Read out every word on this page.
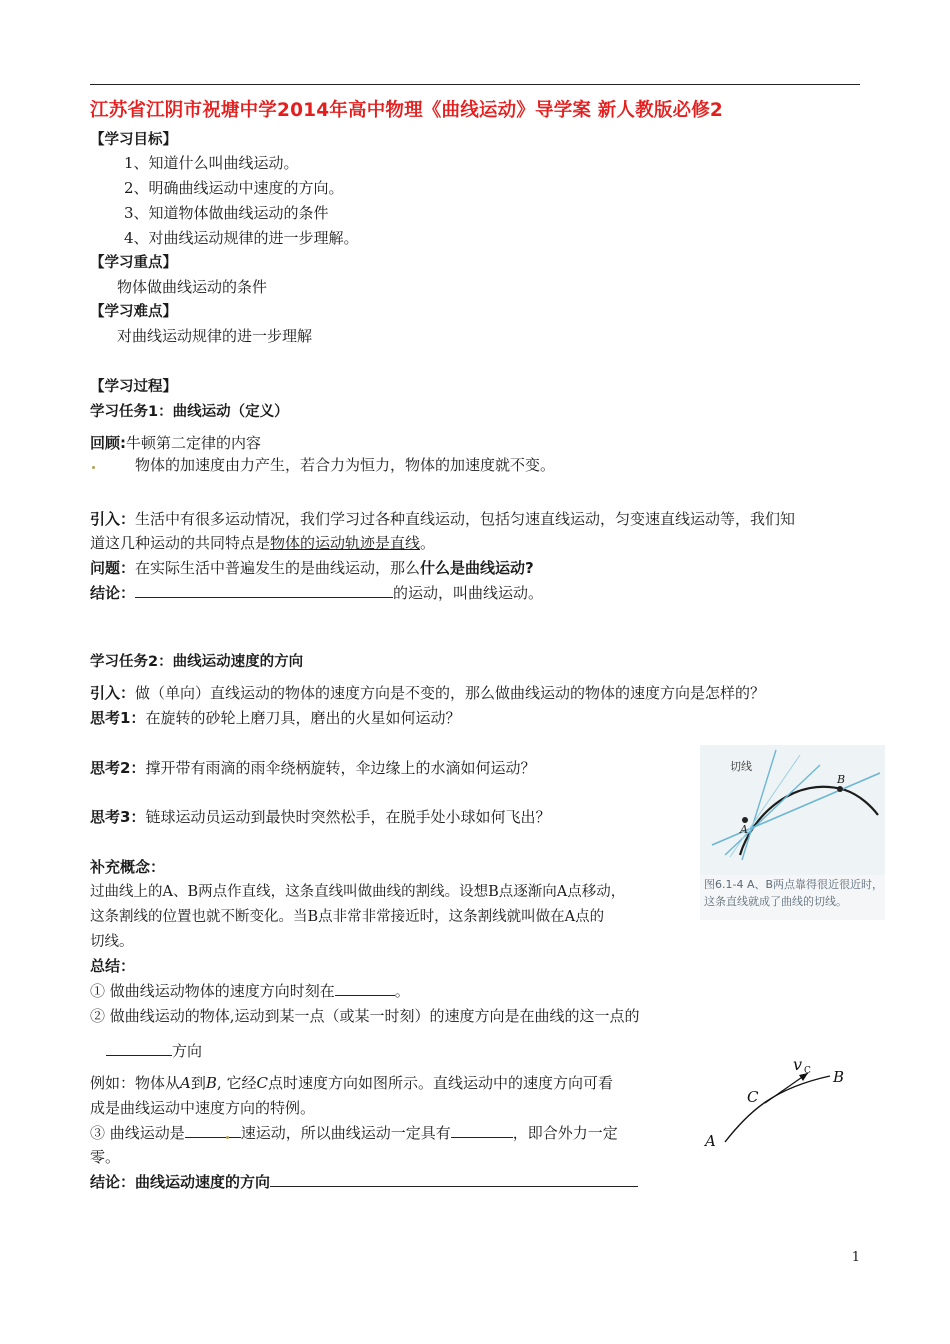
江苏省江阴市祝塘中学2014年高中物理《曲线运动》导学案 新人教版必修2
【学习目标】
1、知道什么叫曲线运动。
2、明确曲线运动中速度的方向。
3、知道物体做曲线运动的条件
4、对曲线运动规律的进一步理解。
【学习重点】
物体做曲线运动的条件
【学习难点】
对曲线运动规律的进一步理解
【学习过程】
学习任务1：曲线运动（定义）
回顾:牛顿第二定律的内容
物体的加速度由力产生，若合力为恒力，物体的加速度就不变。
引入：生活中有很多运动情况，我们学习过各种直线运动，包括匀速直线运动，匀变速直线运动等，我们知
道这几种运动的共同特点是物体的运动轨迹是直线。
问题：在实际生活中普遍发生的是曲线运动，那么什么是曲线运动?
结论：	的运动，叫曲线运动。
学习任务2：曲线运动速度的方向
引入：做（单向）直线运动的物体的速度方向是不变的，那么做曲线运动的物体的速度方向是怎样的？
思考1：在旋转的砂轮上磨刀具，磨出的火星如何运动？
思考2：撑开带有雨滴的雨伞绕柄旋转，伞边缘上的水滴如何运动？
思考3：链球运动员运动到最快时突然松手，在脱手处小球如何飞出？
补充概念：
过曲线上的A、B两点作直线，这条直线叫做曲线的割线。设想B点逐渐向A点移动，
这条割线的位置也就不断变化。当B点非常非常接近时，这条割线就叫做在A点的
切线。
总结：
① 做曲线运动物体的速度方向时刻在	。
② 做曲线运动的物体,运动到某一点（或某一时刻）的速度方向是在曲线的这一点的
方向
例如：物体从A到B, 它经C点时速度方向如图所示。直线运动中的速度方向可看
成是曲线运动中速度方向的特例。
③ 曲线运动是	速运动，所以曲线运动一定具有	，即合外力一定
零。
结论：曲线运动速度的方向
切线
A
B
图6.1-4 A、B两点靠得很近很近时，这条直线就成了曲线的切线。
v C B
C
A
1
